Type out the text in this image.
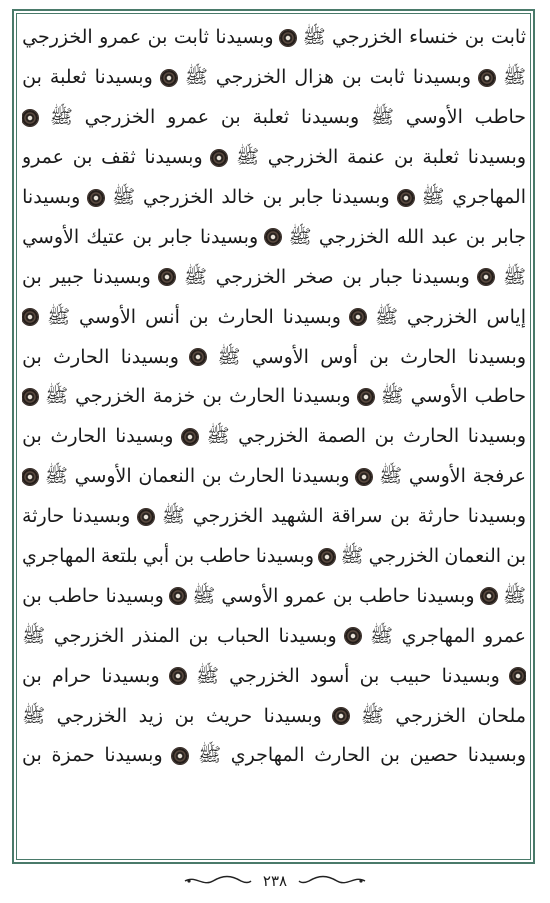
ثابت
بن
خنساء
الخزرجي
ﷺ
وبسيدنا
ثابت
بن
عمرو
الخزرجي
ﷺ
وبسيدنا
ثابت
بن
هزال
الخزرجي
ﷺ
وبسيدنا
ثعلبة
بن
حاطب
الأوسي
ﷺ
وبسيدنا
ثعلبة
بن
عمرو
الخزرجي
ﷺ
وبسيدنا
ثعلبة
بن
عنمة
الخزرجي
ﷺ
وبسيدنا
ثقف
بن
عمرو
المهاجري
ﷺ
وبسيدنا
جابر
بن
خالد
الخزرجي
ﷺ
وبسيدنا
جابر
بن
عبد
الله
الخزرجي
ﷺ
وبسيدنا
جابر
بن
عتيك
الأوسي
ﷺ
وبسيدنا
جبار
بن
صخر
الخزرجي
ﷺ
وبسيدنا
جبير
بن
إياس
الخزرجي
ﷺ
وبسيدنا
الحارث
بن
أنس
الأوسي
ﷺ
وبسيدنا
الحارث
بن
أوس
الأوسي
ﷺ
وبسيدنا
الحارث
بن
حاطب
الأوسي
ﷺ
وبسيدنا
الحارث
بن
خزمة
الخزرجي
ﷺ
وبسيدنا
الحارث
بن
الصمة
الخزرجي
ﷺ
وبسيدنا
الحارث
بن
عرفجة
الأوسي
ﷺ
وبسيدنا
الحارث
بن
النعمان
الأوسي
ﷺ
وبسيدنا
حارثة
بن
سراقة
الشهيد
الخزرجي
ﷺ
وبسيدنا
حارثة
بن
النعمان
الخزرجي
ﷺ
وبسيدنا
حاطب
بن
أبي
بلتعة
المهاجري
ﷺ
وبسيدنا
حاطب
بن
عمرو
الأوسي
ﷺ
وبسيدنا
حاطب
بن
عمرو
المهاجري
ﷺ
وبسيدنا
الحباب
بن
المنذر
الخزرجي
ﷺ
وبسيدنا
حبيب
بن
أسود
الخزرجي
ﷺ
وبسيدنا
حرام
بن
ملحان
الخزرجي
ﷺ
وبسيدنا
حريث
بن
زيد
الخزرجي
ﷺ
وبسيدنا
حصين
بن
الحارث
المهاجري
ﷺ
وبسيدنا
حمزة
بن
٢٣٨
